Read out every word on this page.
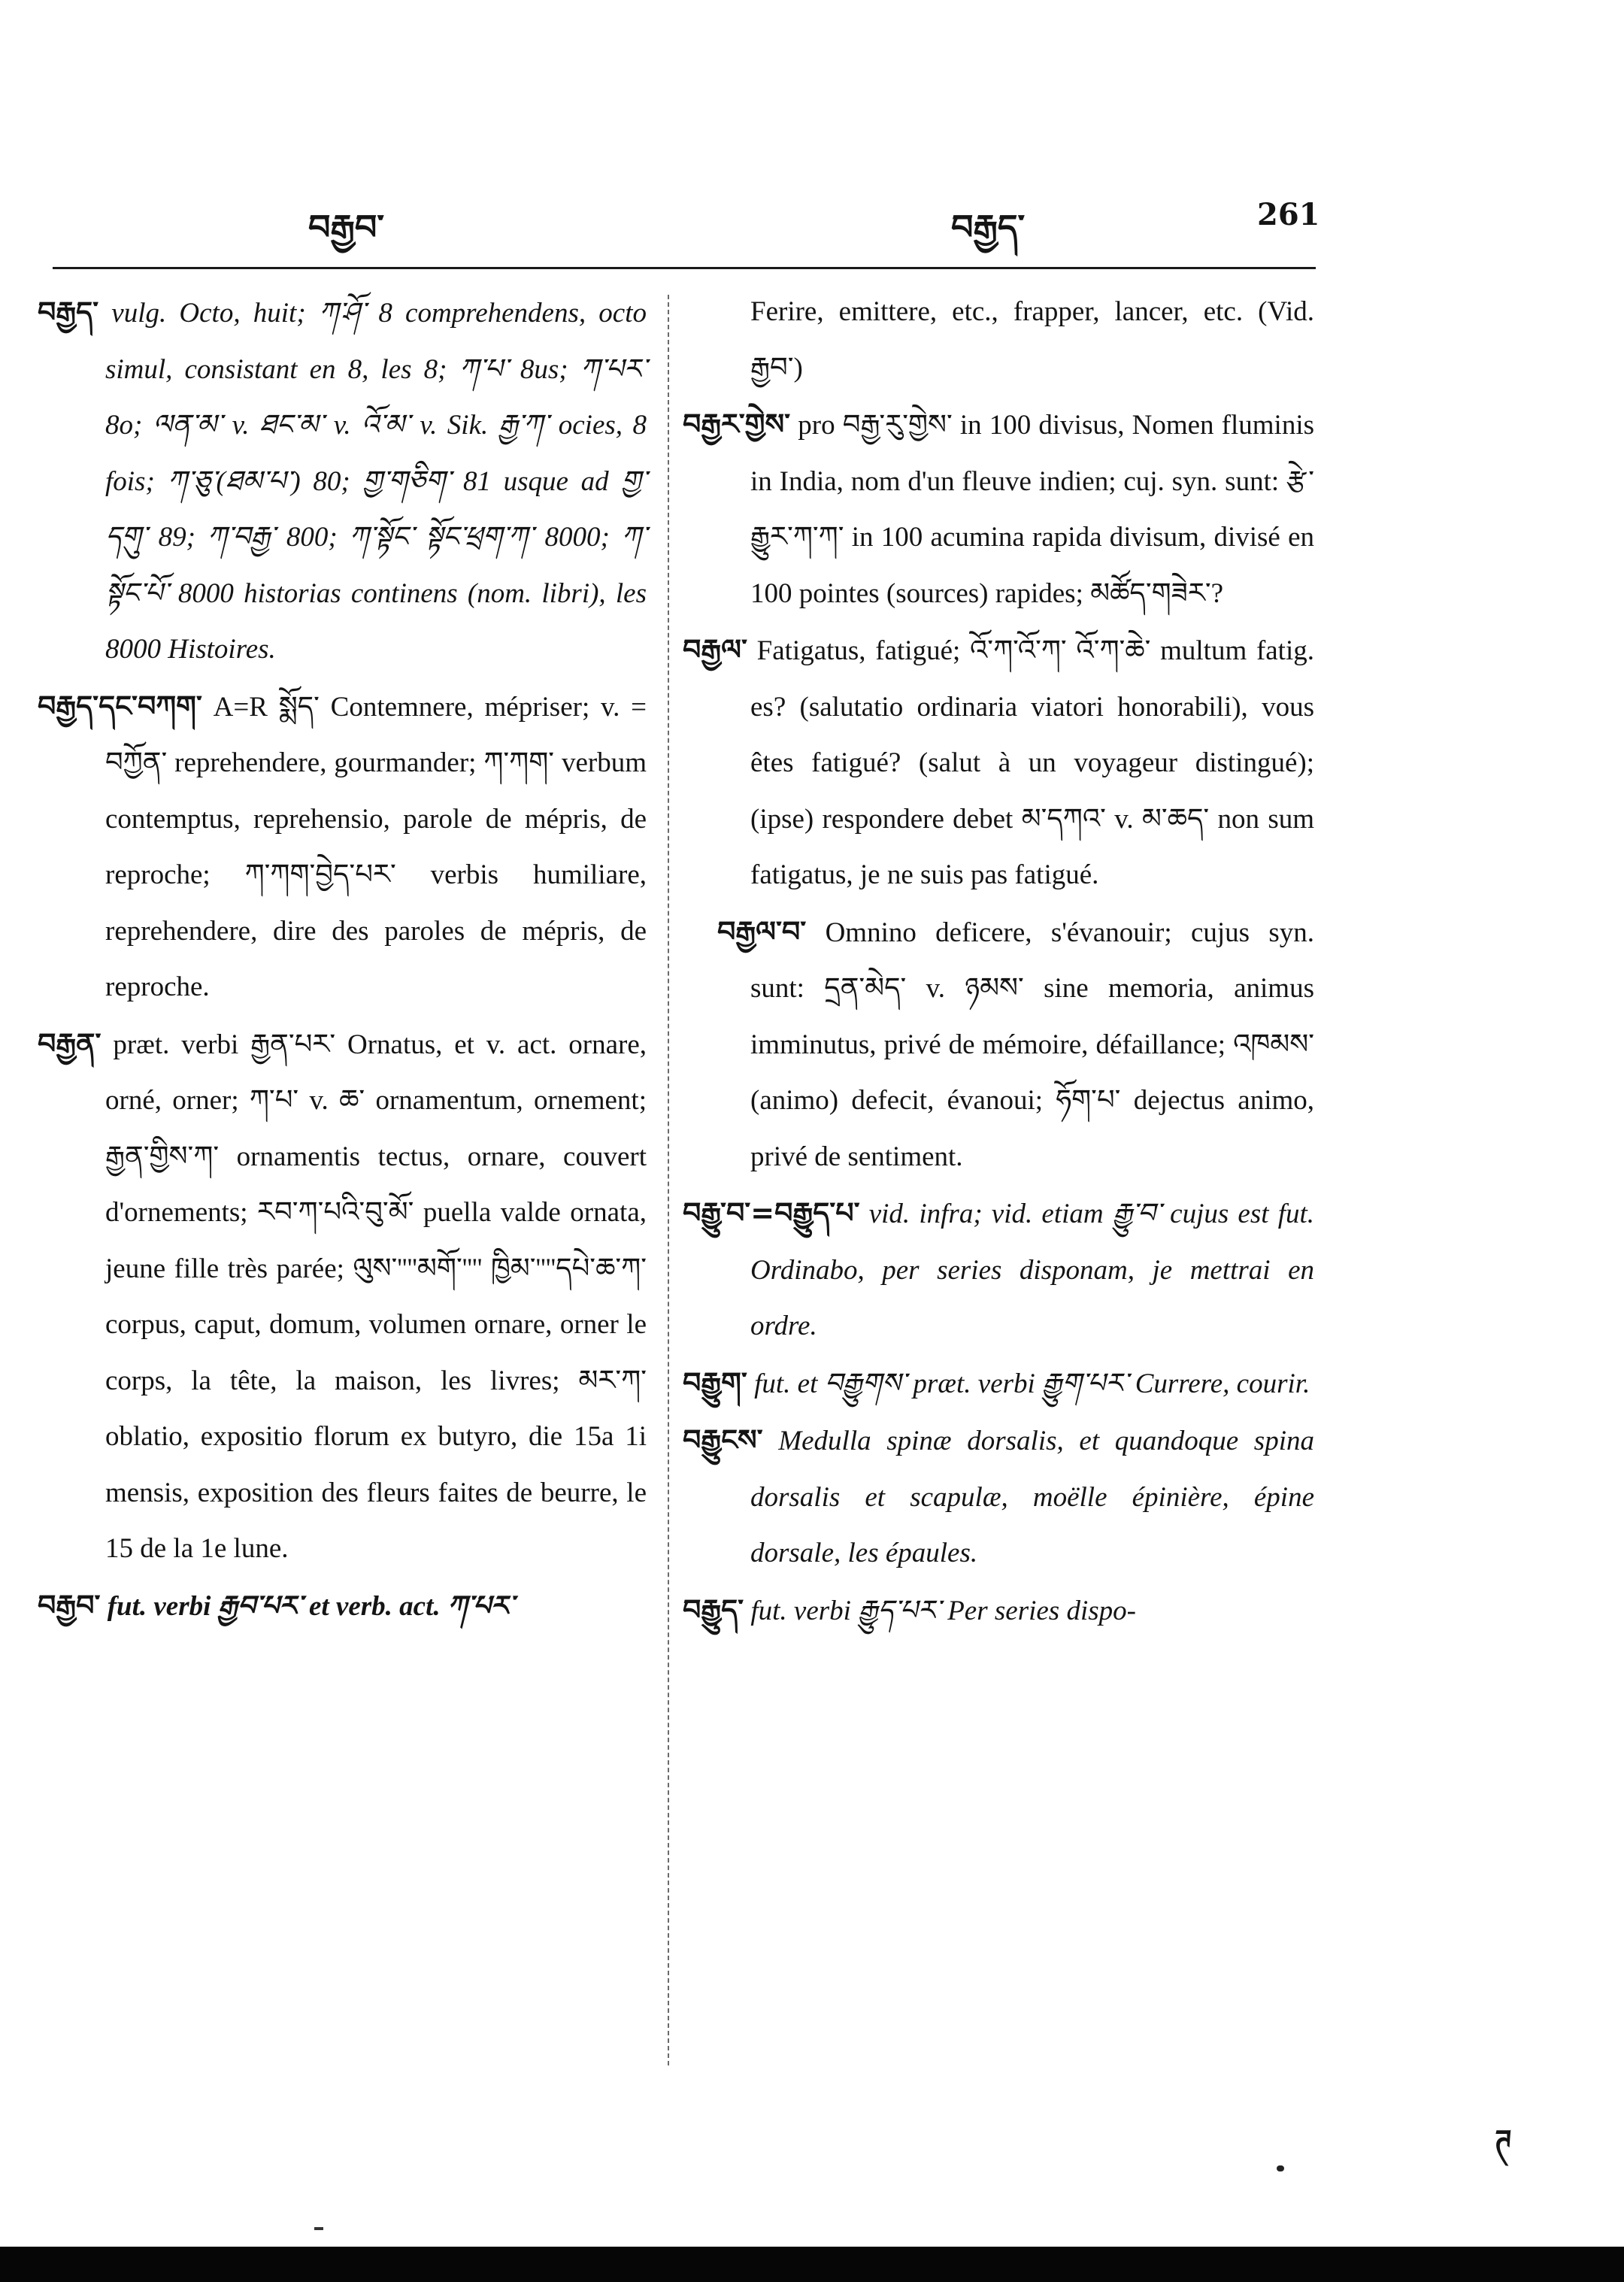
བརྒྱབ་	བརྒྱད་	261
བརྒྱད་ vulg. Octo, huit; ཀ་ཤོ་ 8 comprehendens, octo simul, consistant en 8, les 8; ཀ་པ་ 8us; ཀ་པར་ 8o; ལན་མ་ v. ཐང་མ་ v. འོ་མ་ v. Sik. རྒྱ་ཀ་ ocies, 8 fois; ཀ་ཅུ་(ཐམ་པ་) 80; གྱ་གཅིག་ 81 usque ad གྱ་དགུ་ 89; ཀ་བརྒྱ་ 800; ཀ་སྟོང་ སྟོང་ཕྲག་ཀ་ 8000; ཀ་སྟོང་པོ་ 8000 historias continens (nom. libri), les 8000 Histoires.
བརྒྱད་དང་བཀག་ A=R སྨོད་ Contemnere, mépriser; v. = བཀྱོན་ reprehendere, gourmander; ཀ་ཀག་ verbum contemptus, reprehensio, parole de mépris, de reproche; ཀ་ཀག་བྱེད་པར་ verbis humiliare, reprehendere, dire des paroles de mépris, de reproche.
བརྒྱན་ præt. verbi རྒྱན་པར་ Ornatus, et v. act. ornare, orné, orner; ཀ་པ་ v. ཆ་ ornamentum, ornement; རྒྱན་གྱིས་ཀ་ ornamentis tectus, ornare, couvert d'ornements; རབ་ཀ་པའི་བུ་མོ་ puella valde ornata, jeune fille très parée; ལུས་''''མགོ་'''' ཁྱིམ་''''དཔེ་ཆ་ཀ་ corpus, caput, domum, volumen ornare, orner le corps, la tête, la maison, les livres; མར་ཀ་ oblatio, expositio florum ex butyro, die 15a 1i mensis, exposition des fleurs faites de beurre, le 15 de la 1e lune.
བརྒྱབ་ fut. verbi རྒྱབ་པར་ et verb. act. ཀ་པར་
Ferire, emittere, etc., frapper, lancer, etc. (Vid. རྒྱབ་)
བརྒྱར་གྱེས་ pro བརྒྱ་རུ་གྱེས་ in 100 divisus, Nomen fluminis in India, nom d'un fleuve indien; cuj. syn. sunt: རྩེ་རྒྱུར་ཀ་ཀ་ in 100 acumina rapida divisum, divisé en 100 pointes (sources) rapides; མཚོད་གཟེར་?
བརྒྱལ་ Fatigatus, fatigué; འོ་ཀ་འོ་ཀ་ འོ་ཀ་ཆེ་ multum fatig. es? (salutatio ordinaria viatori honorabili), vous êtes fatigué? (salut à un voyageur distingué); (ipse) respondere debet མ་དཀའ་ v. མ་ཆད་ non sum fatigatus, je ne suis pas fatigué.
བརྒྱལ་བ་ Omnino deficere, s'évanouir; cujus syn. sunt: དྲན་མེད་ v. ཉམས་ sine memoria, animus imminutus, privé de mémoire, défaillance; འཁམས་ (animo) defecit, évanoui; ཧོག་པ་ dejectus animo, privé de sentiment.
བརྒྱུ་བ་=བརྒྱུད་པ་ vid. infra; vid. etiam རྒྱུ་བ་ cujus est fut. Ordinabo, per series disponam, je mettrai en ordre.
བརྒྱུག་ fut. et བརྒྱུགས་ præt. verbi རྒྱུག་པར་ Currere, courir.
བརྒྱུངས་ Medulla spinæ dorsalis, et quandoque spina dorsalis et scapulæ, moëlle épinière, épine dorsale, les épaules.
བརྒྱུད་ fut. verbi རྒྱུད་པར་ Per series dispo-
ཊ
